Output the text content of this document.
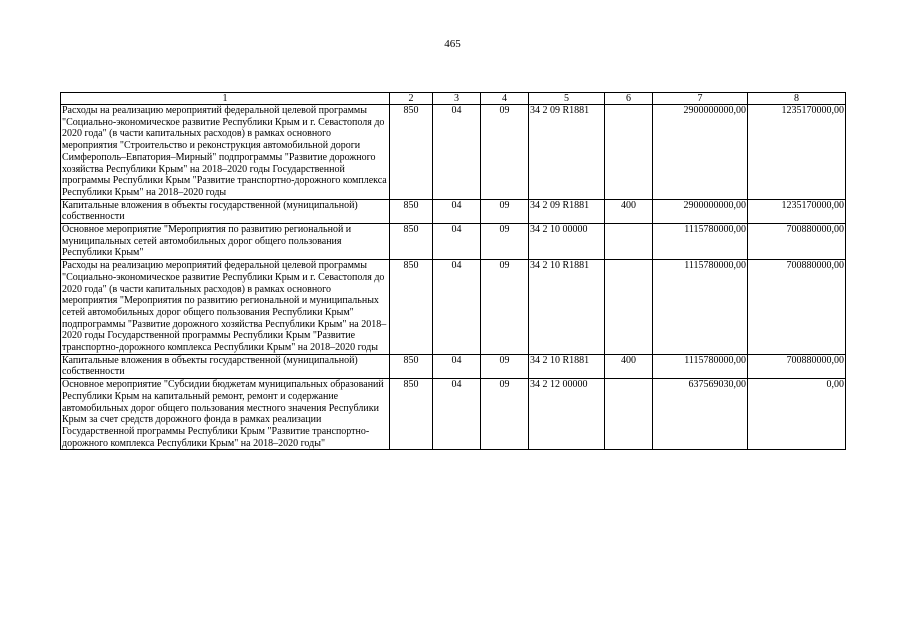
465
1	2	3	4	5	6	7	8
Расходы на реализацию мероприятий федеральной целевой программы "Социально-экономическое развитие Республики Крым и г. Севастополя до 2020 года" (в части капитальных расходов) в рамках основного мероприятия "Строительство и реконструкция автомобильной дороги Симферополь–Евпатория–Мирный" подпрограммы "Развитие дорожного хозяйства Республики Крым" на 2018–2020 годы Государственной программы Республики Крым "Развитие транспортно-дорожного комплекса Республики Крым" на 2018–2020 годы	850	04	09	34 2 09 R1881		2900000000,00	1235170000,00
Капитальные вложения в объекты государственной (муниципальной) собственности	850	04	09	34 2 09 R1881	400	2900000000,00	1235170000,00
Основное мероприятие "Мероприятия по развитию региональной и муниципальных сетей автомобильных дорог общего пользования Республики Крым"	850	04	09	34 2 10 00000		1115780000,00	700880000,00
Расходы на реализацию мероприятий федеральной целевой программы "Социально-экономическое развитие Республики Крым и г. Севастополя до 2020 года" (в части капитальных расходов) в рамках основного мероприятия "Мероприятия по развитию региональной и муниципальных сетей автомобильных дорог общего пользования Республики Крым" подпрограммы "Развитие дорожного хозяйства Республики Крым" на 2018–2020 годы Государственной программы Республики Крым "Развитие транспортно-дорожного комплекса Республики Крым" на 2018–2020 годы	850	04	09	34 2 10 R1881		1115780000,00	700880000,00
Капитальные вложения в объекты государственной (муниципальной) собственности	850	04	09	34 2 10 R1881	400	1115780000,00	700880000,00
Основное мероприятие "Субсидии бюджетам муниципальных образований Республики Крым на капитальный ремонт, ремонт и содержание автомобильных дорог общего пользования местного значения Республики Крым за счет средств дорожного фонда в рамках реализации Государственной программы Республики Крым "Развитие транспортно-дорожного комплекса Республики Крым" на 2018–2020 годы"	850	04	09	34 2 12 00000		637569030,00	0,00
